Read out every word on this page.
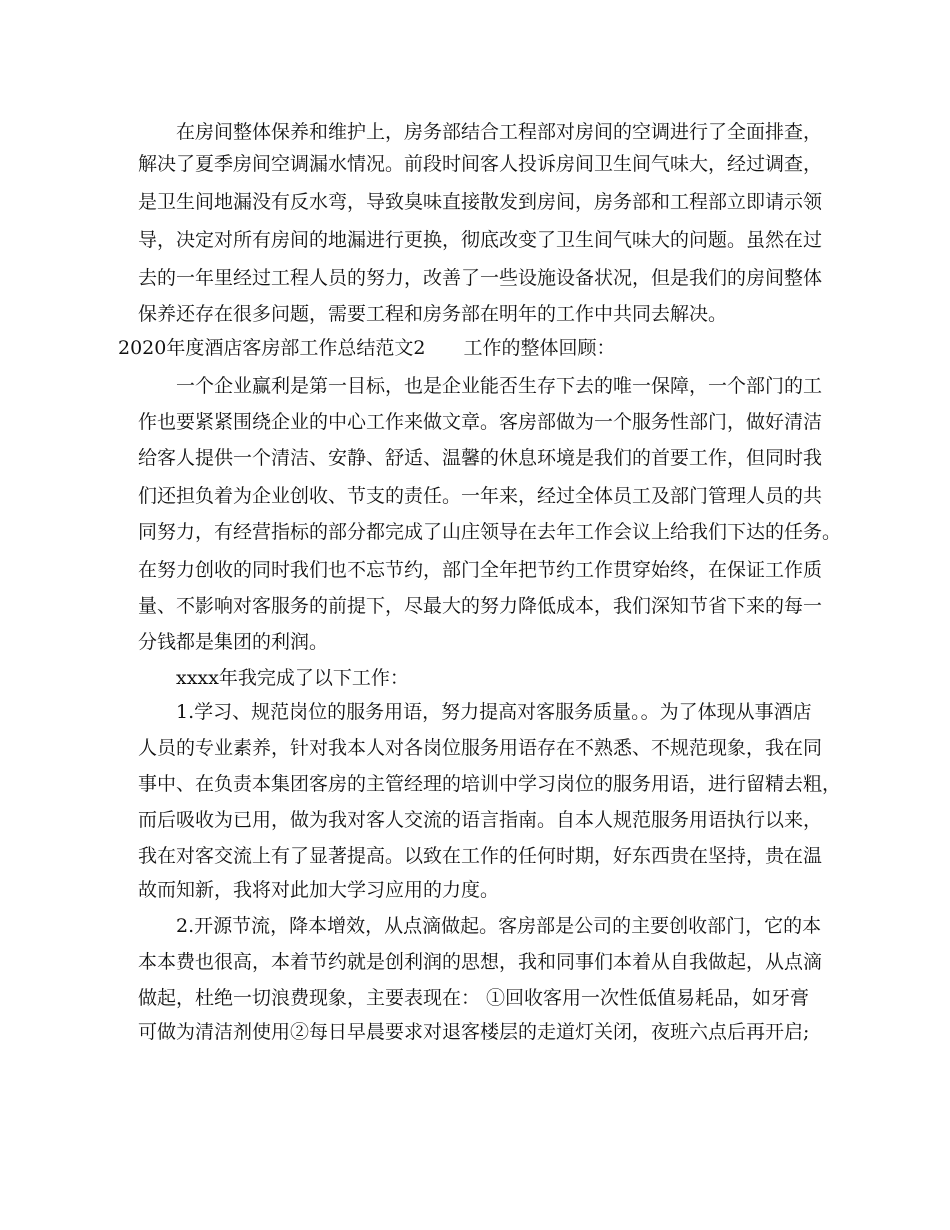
在房间整体保养和维护上，房务部结合工程部对房间的空调进行了全面排查，
解决了夏季房间空调漏水情况。前段时间客人投诉房间卫生间气味大，经过调查，
是卫生间地漏没有反水弯，导致臭味直接散发到房间，房务部和工程部立即请示领
导，决定对所有房间的地漏进行更换，彻底改变了卫生间气味大的问题。虽然在过
去的一年里经过工程人员的努力，改善了一些设施设备状况，但是我们的房间整体
保养还存在很多问题，需要工程和房务部在明年的工作中共同去解决。
2020年度酒店客房部工作总结范文2　　工作的整体回顾：
一个企业赢利是第一目标，也是企业能否生存下去的唯一保障，一个部门的工
作也要紧紧围绕企业的中心工作来做文章。客房部做为一个服务性部门，做好清洁
给客人提供一个清洁、安静、舒适、温馨的休息环境是我们的首要工作，但同时我
们还担负着为企业创收、节支的责任。一年来，经过全体员工及部门管理人员的共
同努力，有经营指标的部分都完成了山庄领导在去年工作会议上给我们下达的任务。
在努力创收的同时我们也不忘节约，部门全年把节约工作贯穿始终，在保证工作质
量、不影响对客服务的前提下，尽最大的努力降低成本，我们深知节省下来的每一
分钱都是集团的利润。
xxxx年我完成了以下工作：
1.学习、规范岗位的服务用语，努力提高对客服务质量。。为了体现从事酒店
人员的专业素养，针对我本人对各岗位服务用语存在不熟悉、不规范现象，我在同
事中、在负责本集团客房的主管经理的培训中学习岗位的服务用语，进行留精去粗，
而后吸收为已用，做为我对客人交流的语言指南。自本人规范服务用语执行以来，
我在对客交流上有了显著提高。以致在工作的任何时期，好东西贵在坚持，贵在温
故而知新，我将对此加大学习应用的力度。
2.开源节流，降本增效，从点滴做起。客房部是公司的主要创收部门，它的本
本本费也很高，本着节约就是创利润的思想，我和同事们本着从自我做起，从点滴
做起，杜绝一切浪费现象，主要表现在： ①回收客用一次性低值易耗品，如牙膏
可做为清洁剂使用②每日早晨要求对退客楼层的走道灯关闭，夜班六点后再开启;
